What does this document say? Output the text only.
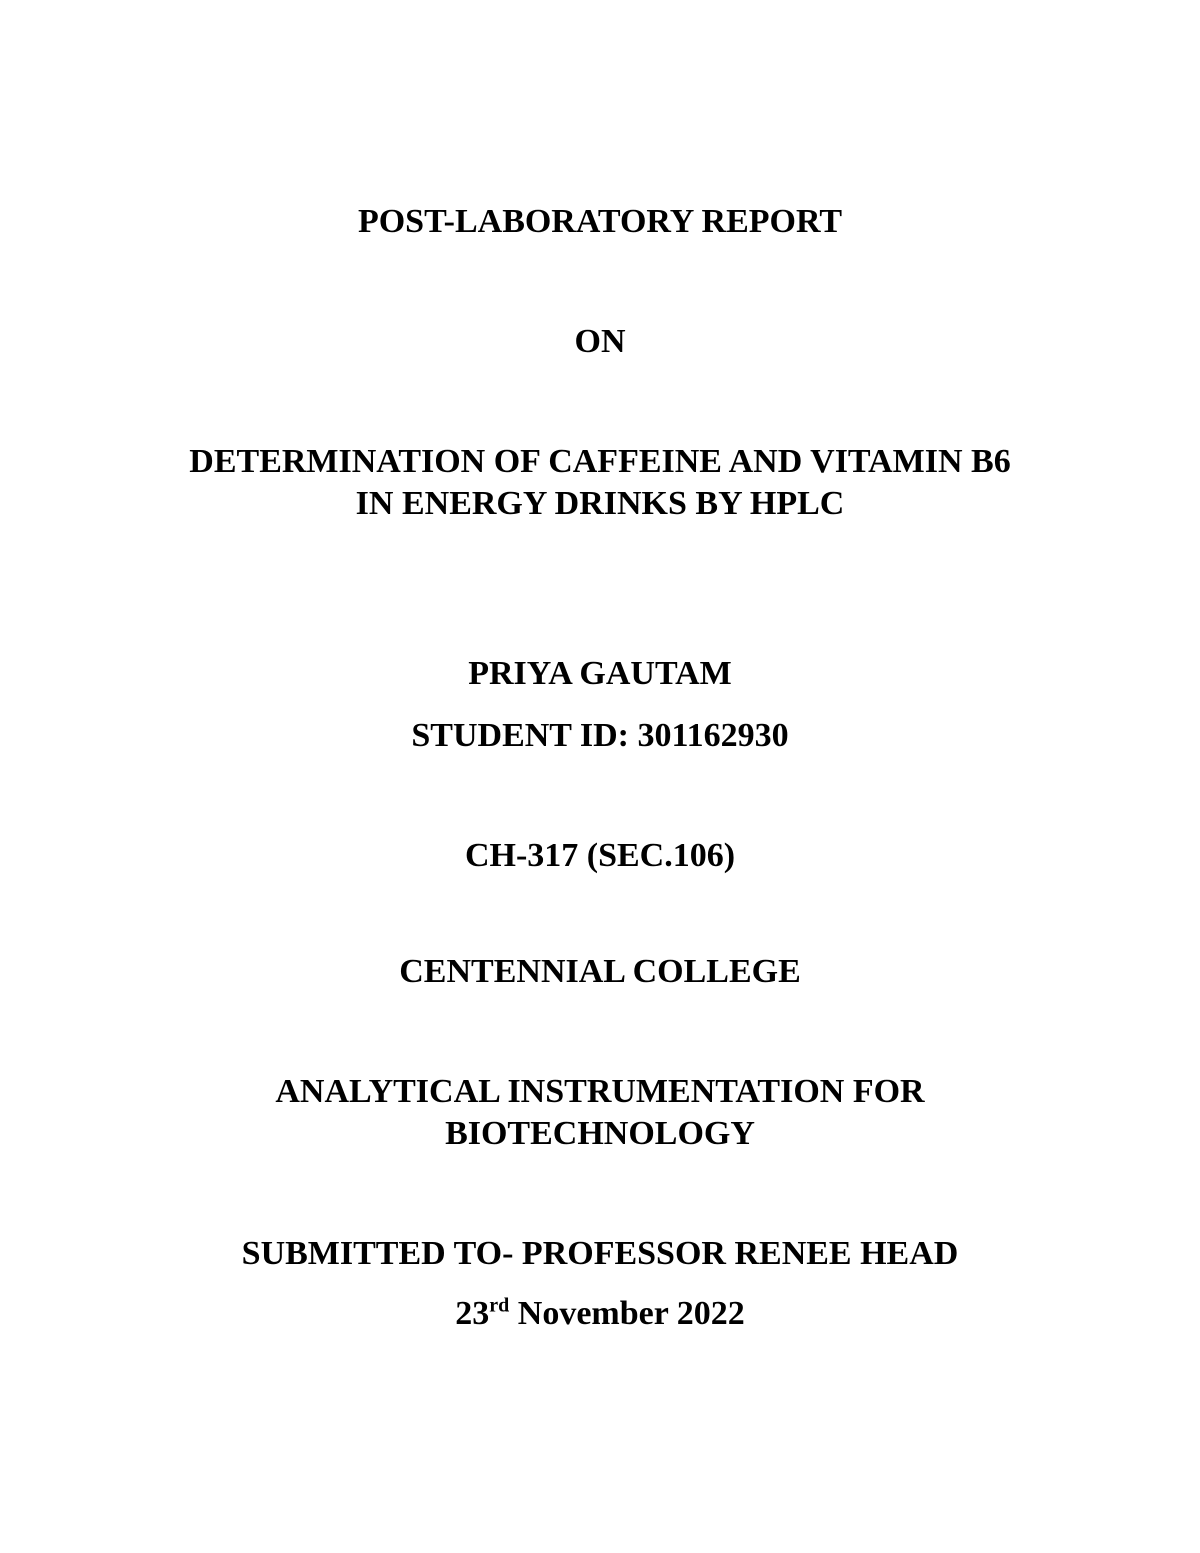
POST-LABORATORY REPORT
ON
DETERMINATION OF CAFFEINE AND VITAMIN B6
IN ENERGY DRINKS BY HPLC
PRIYA GAUTAM
STUDENT ID: 301162930
CH-317 (SEC.106)
CENTENNIAL COLLEGE
ANALYTICAL INSTRUMENTATION FOR
BIOTECHNOLOGY
SUBMITTED TO- PROFESSOR RENEE HEAD
23rd November 2022
